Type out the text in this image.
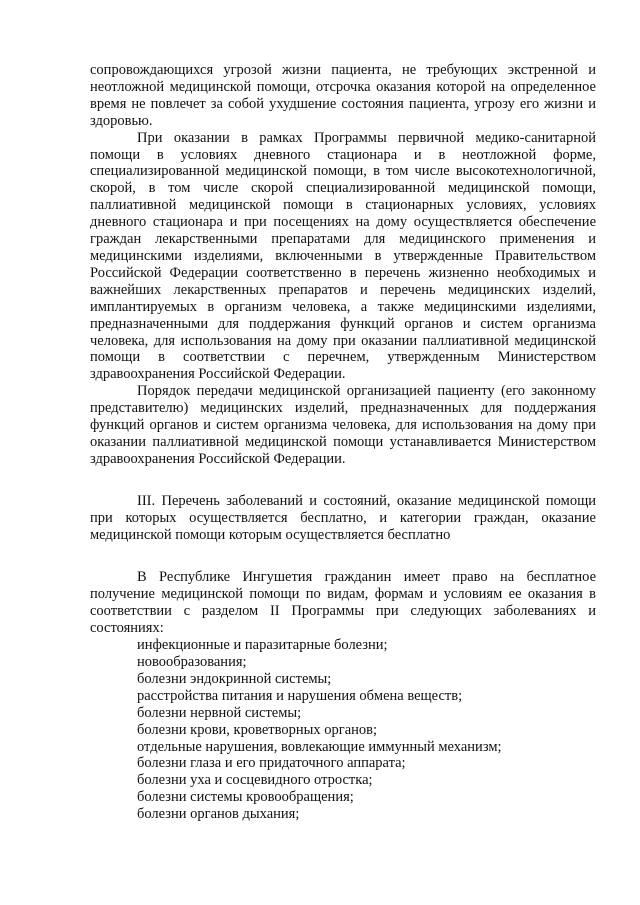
сопровождающихся угрозой жизни пациента, не требующих экстренной и неотложной медицинской помощи, отсрочка оказания которой на определенное время не повлечет за собой ухудшение состояния пациента, угрозу его жизни и здоровью.

При оказании в рамках Программы первичной медико-санитарной помощи в условиях дневного стационара и в неотложной форме, специализированной медицинской помощи, в том числе высокотехнологичной, скорой, в том числе скорой специализированной медицинской помощи, паллиативной медицинской помощи в стационарных условиях, условиях дневного стационара и при посещениях на дому осуществляется обеспечение граждан лекарственными препаратами для медицинского применения и медицинскими изделиями, включенными в утвержденные Правительством Российской Федерации соответственно в перечень жизненно необходимых и важнейших лекарственных препаратов и перечень медицинских изделий, имплантируемых в организм человека, а также медицинскими изделиями, предназначенными для поддержания функций органов и систем организма человека, для использования на дому при оказании паллиативной медицинской помощи в соответствии с перечнем, утвержденным Министерством здравоохранения Российской Федерации.

Порядок передачи медицинской организацией пациенту (его законному представителю) медицинских изделий, предназначенных для поддержания функций органов и систем организма человека, для использования на дому при оказании паллиативной медицинской помощи устанавливается Министерством здравоохранения Российской Федерации.

III. Перечень заболеваний и состояний, оказание медицинской помощи при которых осуществляется бесплатно, и категории граждан, оказание медицинской помощи которым осуществляется бесплатно

В Республике Ингушетия гражданин имеет право на бесплатное получение медицинской помощи по видам, формам и условиям ее оказания в соответствии с разделом II Программы при следующих заболеваниях и состояниях:

инфекционные и паразитарные болезни;
новообразования;
болезни эндокринной системы;
расстройства питания и нарушения обмена веществ;
болезни нервной системы;
болезни крови, кроветворных органов;
отдельные нарушения, вовлекающие иммунный механизм;
болезни глаза и его придаточного аппарата;
болезни уха и сосцевидного отростка;
болезни системы кровообращения;
болезни органов дыхания;
